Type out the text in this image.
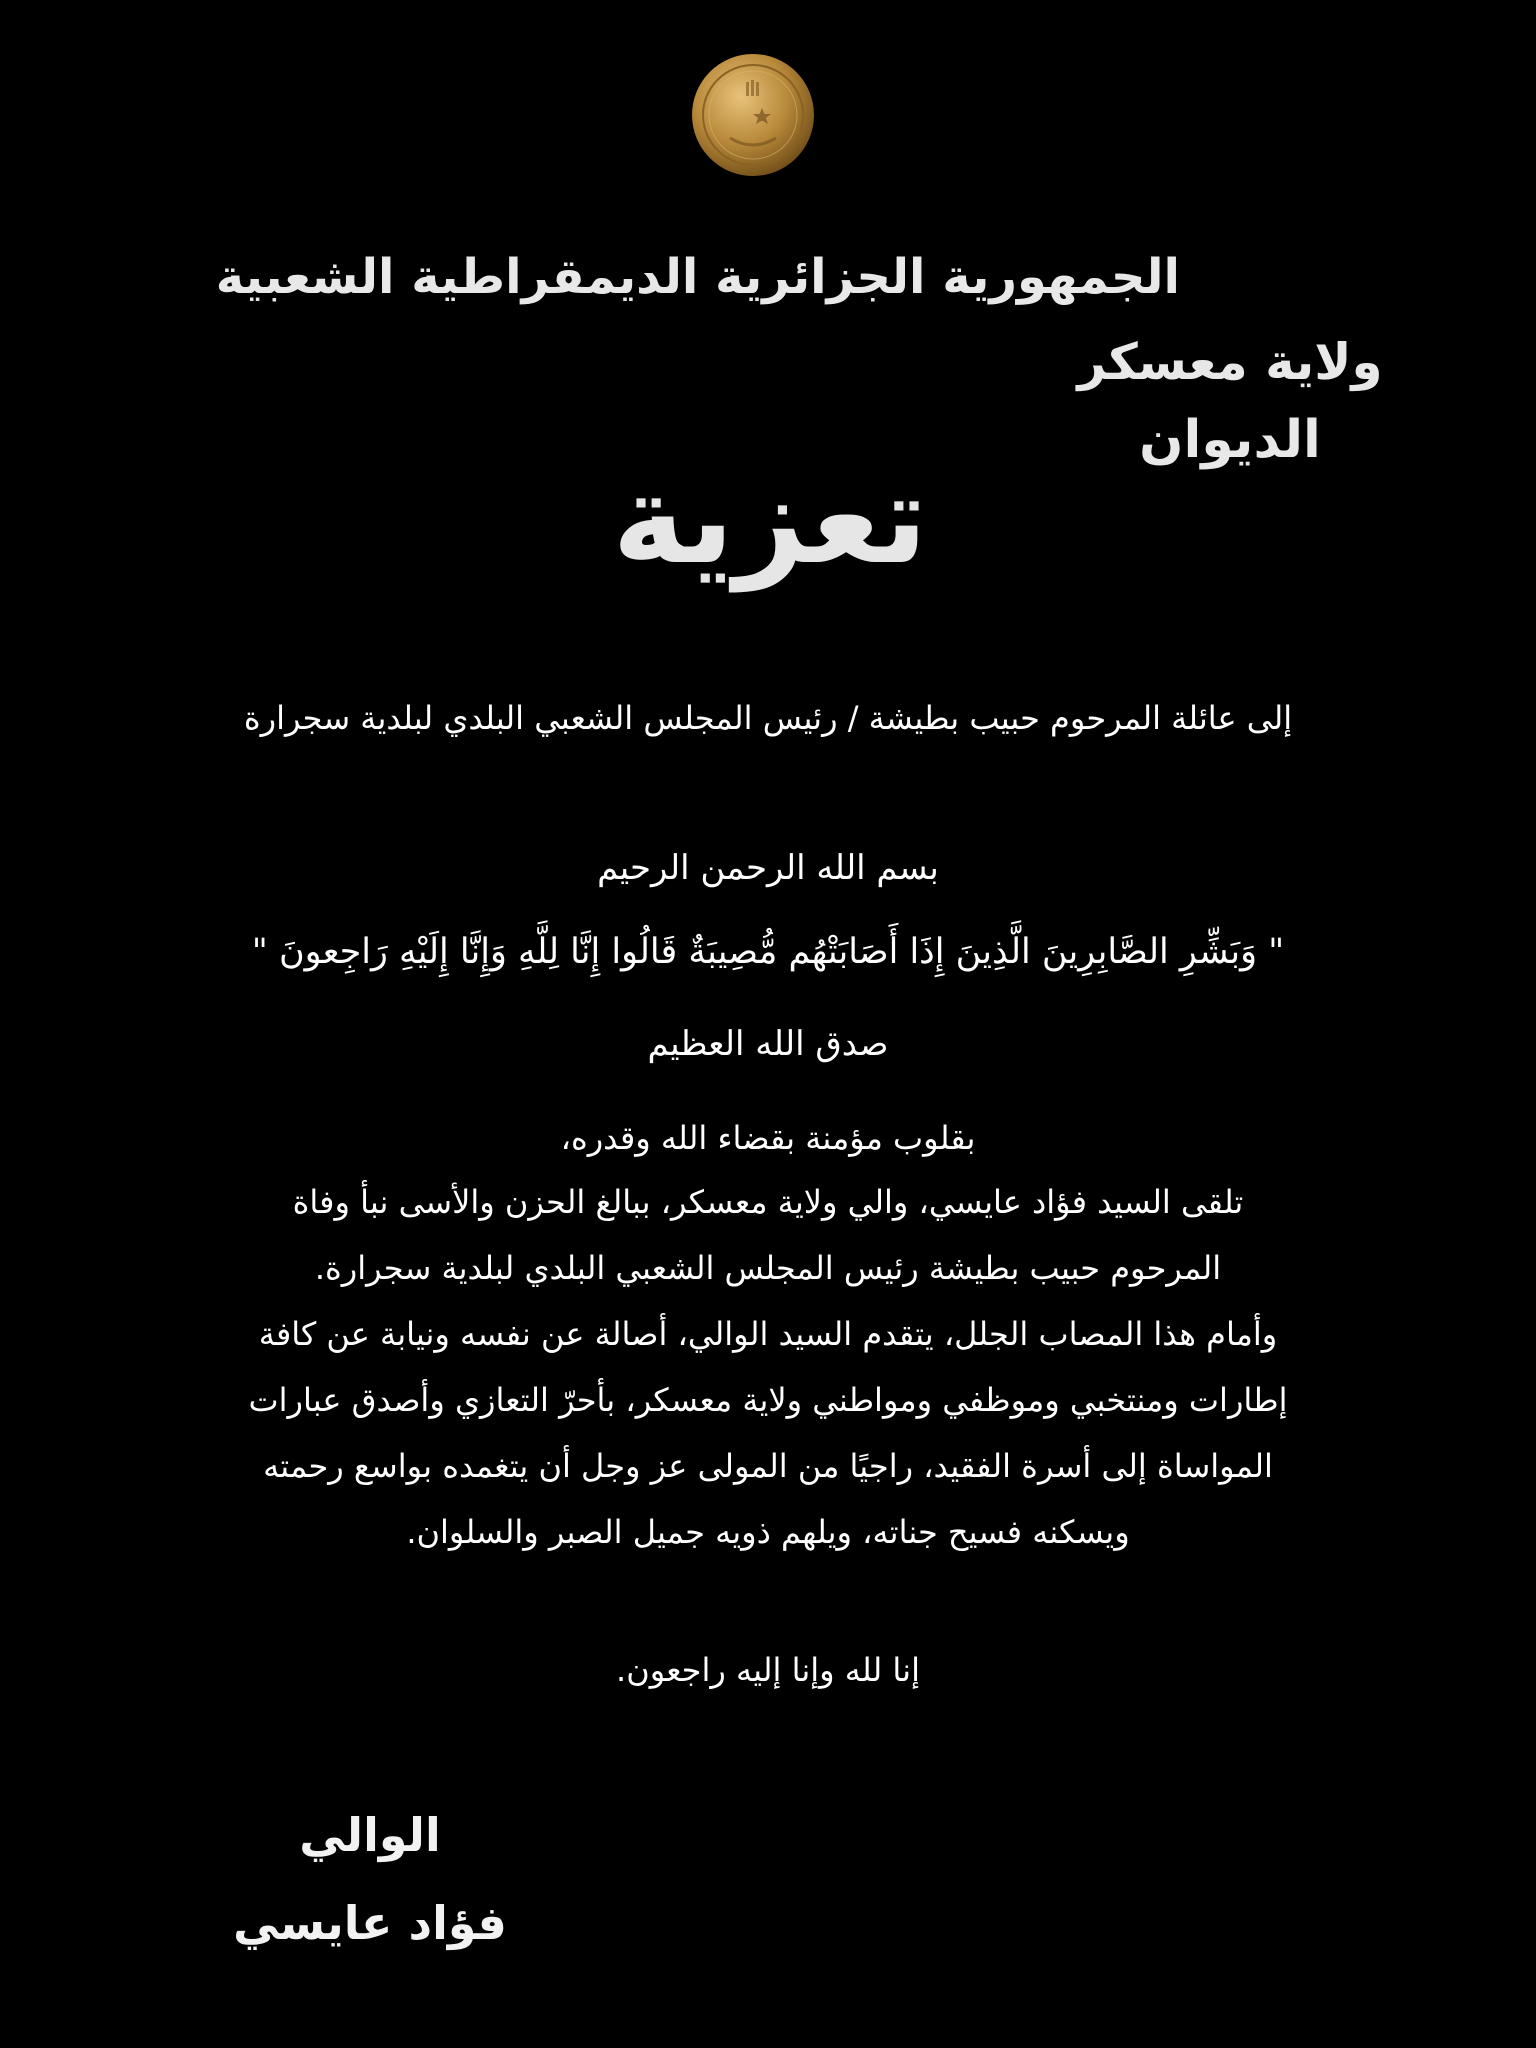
الجمهورية الجزائرية الديمقراطية الشعبية
ولاية معسكر
الديوان
تعزية
إلى عائلة المرحوم حبيب بطيشة / رئيس المجلس الشعبي البلدي لبلدية سجرارة
بسم الله الرحمن الرحيم
" وَبَشِّرِ الصَّابِرِينَ الَّذِينَ إِذَا أَصَابَتْهُم مُّصِيبَةٌ قَالُوا إِنَّا لِلَّهِ وَإِنَّا إِلَيْهِ رَاجِعونَ "
صدق الله العظيم
بقلوب مؤمنة بقضاء الله وقدره،
تلقى السيد فؤاد عايسي، والي ولاية معسكر، ببالغ الحزن والأسى نبأ وفاة
المرحوم حبيب بطيشة رئيس المجلس الشعبي البلدي لبلدية سجرارة.
وأمام هذا المصاب الجلل، يتقدم السيد الوالي، أصالة عن نفسه ونيابة عن كافة
إطارات ومنتخبي وموظفي ومواطني ولاية معسكر، بأحرّ التعازي وأصدق عبارات
المواساة إلى أسرة الفقيد، راجيًا من المولى عز وجل أن يتغمده بواسع رحمته
ويسكنه فسيح جناته، ويلهم ذويه جميل الصبر والسلوان.
إنا لله وإنا إليه راجعون.
الوالي
فؤاد عايسي
